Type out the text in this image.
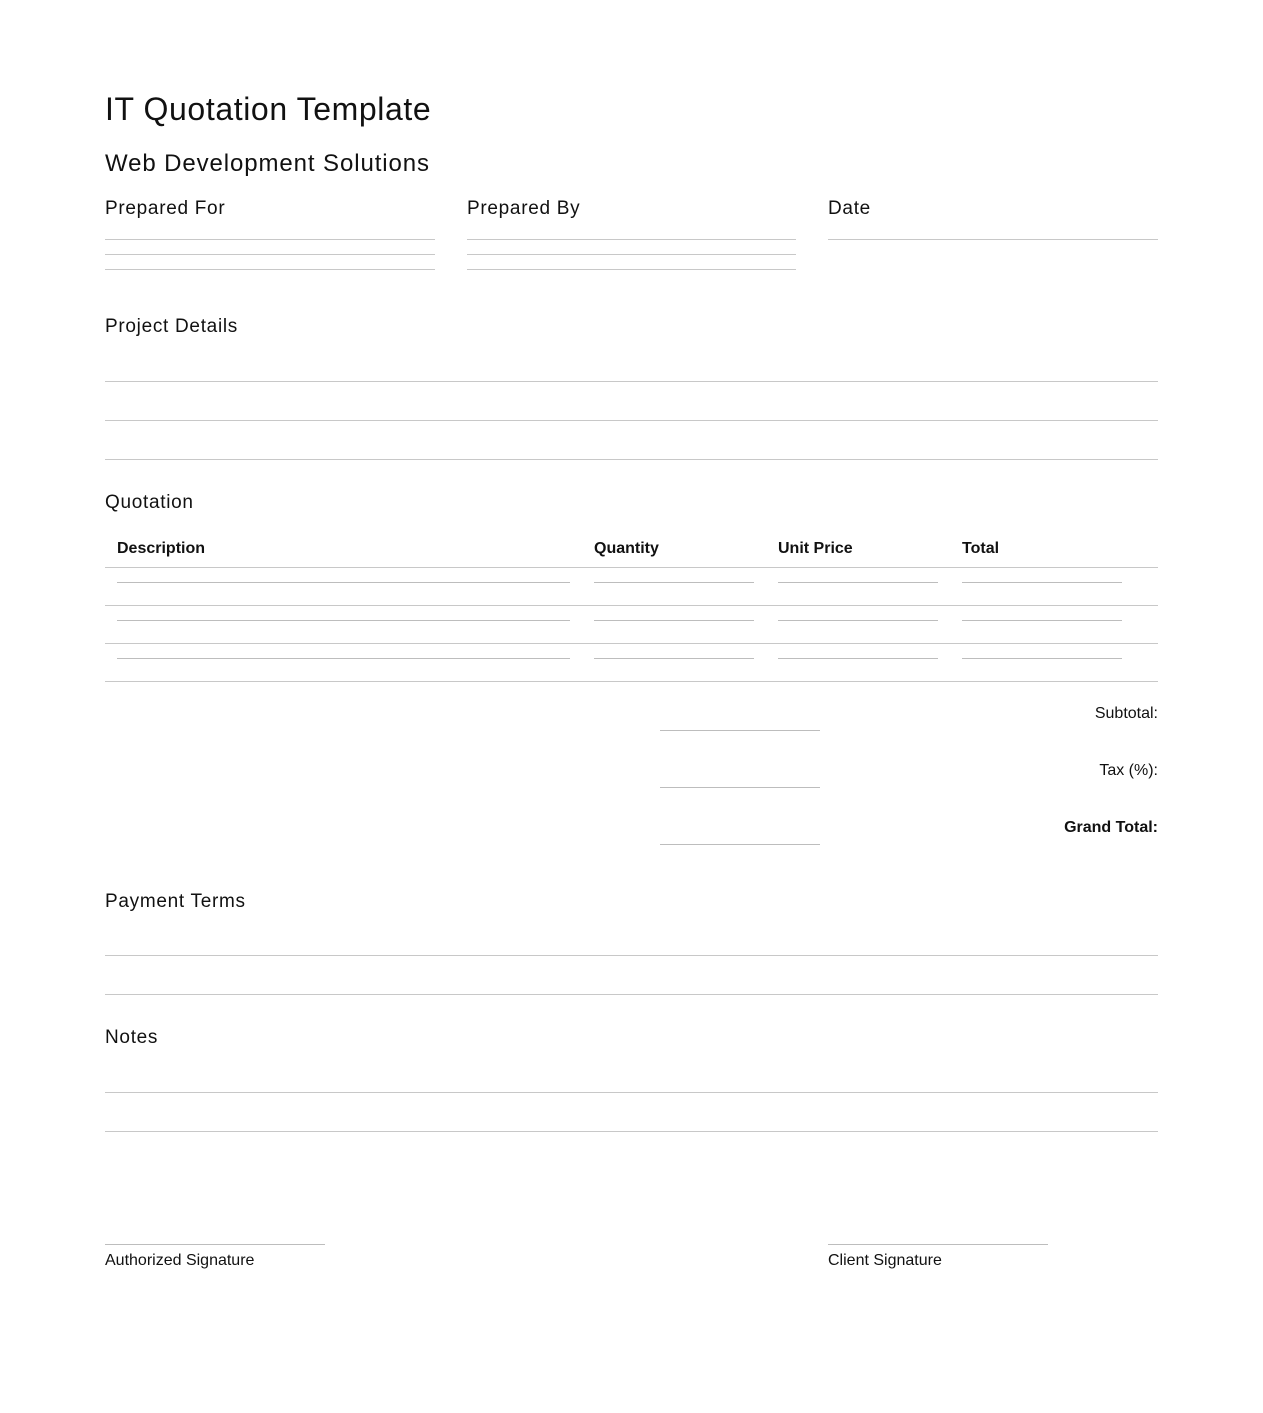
IT Quotation Template
Web Development Solutions
Prepared For	Prepared By	Date
Project Details
Quotation
Description	Quantity	Unit Price	Total
Subtotal:
Tax (%):
Grand Total:
Payment Terms
Notes
Authorized Signature	Client Signature
